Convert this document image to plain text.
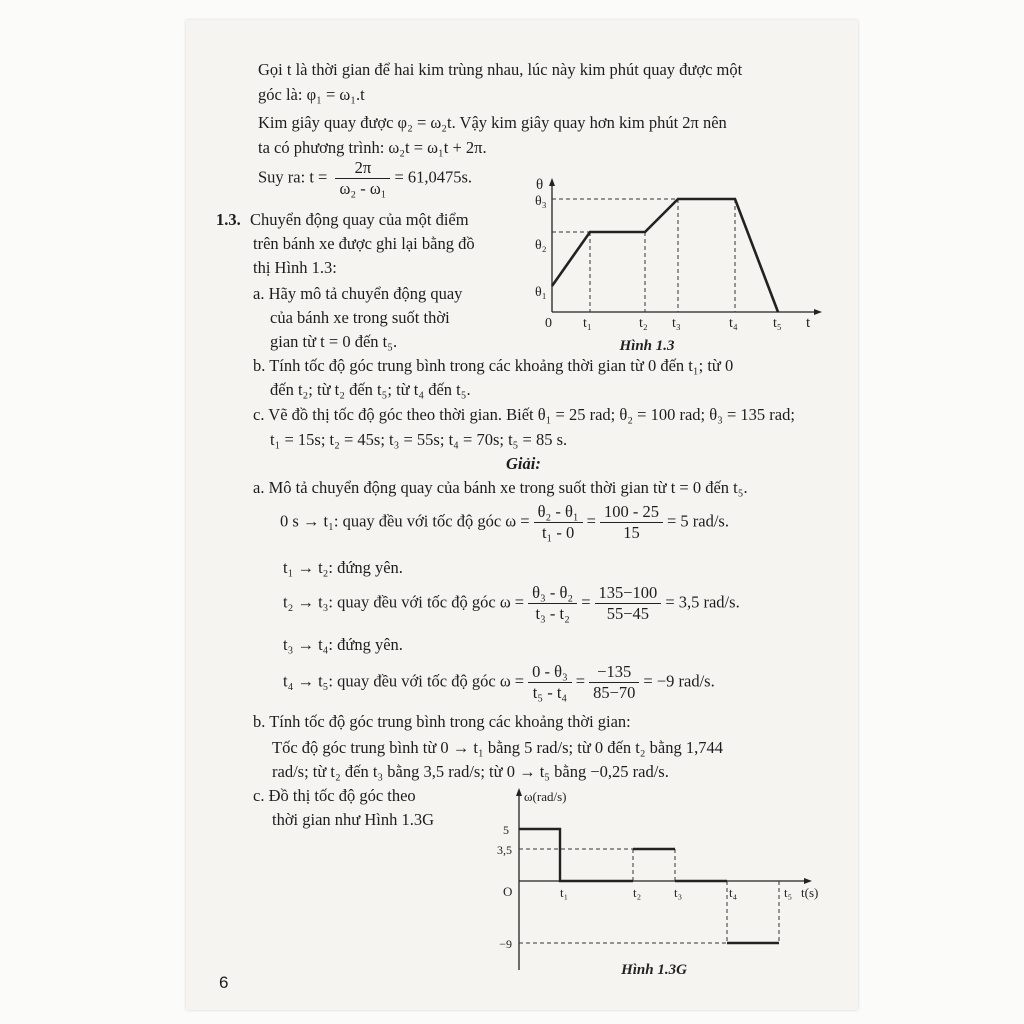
Gọi t là thời gian để hai kim trùng nhau, lúc này kim phút quay được một
góc là: φ₁ = ω₁.t
Kim giây quay được φ₂ = ω₂t. Vậy kim giây quay hơn kim phút 2π nên
ta có phương trình: ω₂t = ω₁t + 2π.
Suy ra: $t = \frac{2\pi}{\text{ω₂ - ω₁}} = 61,0475s$.
1.3. Chuyển động quay của một điểm
trên bánh xe được ghi lại bằng đồ
thị Hình 1.3:
a. Hãy mô tả chuyển động quay
của bánh xe trong suốt thời
gian từ t = 0 đến t₅.
b. Tính tốc độ góc trung bình trong các khoảng thời gian từ 0 đến t₁; từ 0
đến t₂; từ t₂ đến t₅; từ t₄ đến t₅.
c. Vẽ đồ thị tốc độ góc theo thời gian. Biết θ₁ = 25 rad; θ₂ = 100 rad; θ₃ = 135 rad;
t₁ = 15s; t₂ = 45s; t₃ = 55s; t₄ = 70s; t₅ = 85 s.
Giải:
a. Mô tả chuyển động quay của bánh xe trong suốt thời gian từ t = 0 đến t₅.
0 s → t₁: quay đều với tốc độ góc $\omega = \frac{\text{θ₂ - θ₁}}{\text{t₁ - 0}} = \frac{100 - 25}{15} = 5$ rad/s.
t₁ → t₂: đứng yên.
t₂ → t₃: quay đều với tốc độ góc $\omega = \frac{\text{θ₃ - θ₂}}{\text{t₃ - t₂}} = \frac{135-100}{55-45} = 3,5$ rad/s.
t₃ → t₄: đứng yên.
t₄ → t₅: quay đều với tốc độ góc $\omega = \frac{\text{0 - θ₃}}{\text{t₅ - t₄}} = \frac{-135}{85-70} = -9$ rad/s.
b. Tính tốc độ góc trung bình trong các khoảng thời gian:
Tốc độ góc trung bình từ 0 → t₁ bằng 5 rad/s; từ 0 đến t₂ bằng 1,744
rad/s; từ t₂ đến t₃ bằng 3,5 rad/s; từ 0 → t₅ bằng −0,25 rad/s.
c. Đồ thị tốc độ góc theo
thời gian như Hình 1.3G
θ
θ₃
θ₂
θ₁
0 t₁	t₂ t₃	t₄	t₅ t
Hình 1.3
ω(rad/s)
5
3,5
−9
O	t₁	t₂	t₃	t₄	t₅ t(s)
Hình 1.3G
6
